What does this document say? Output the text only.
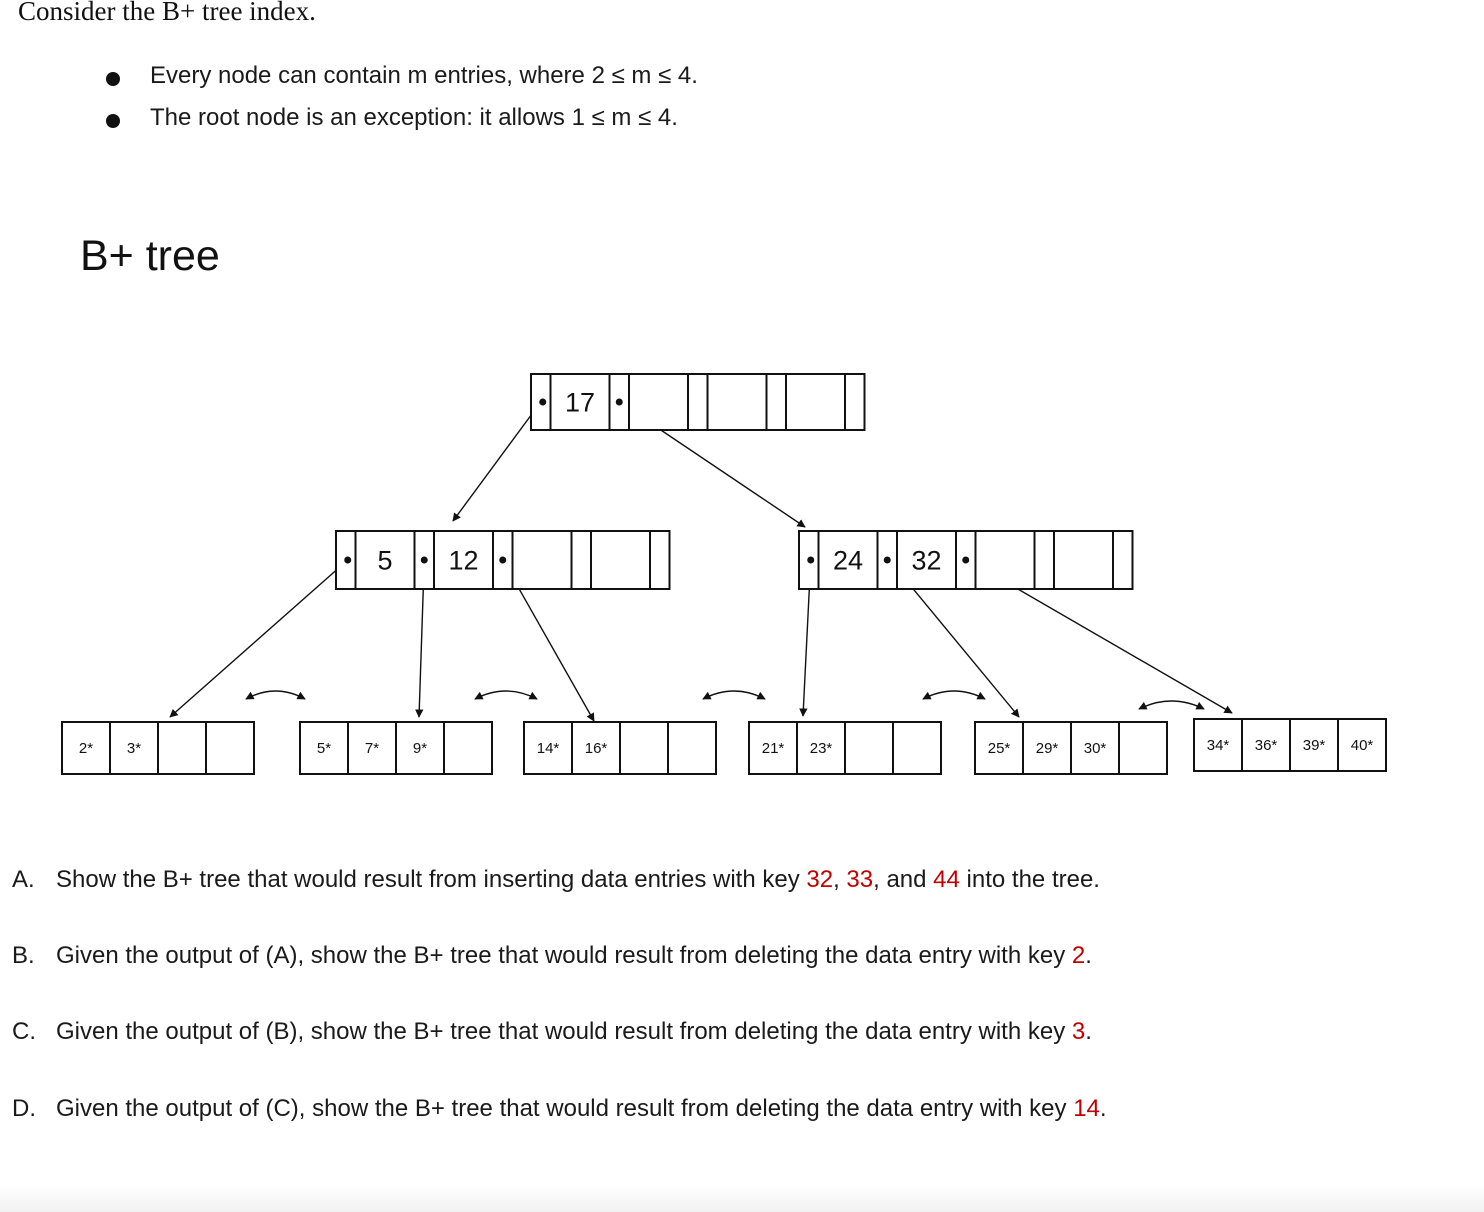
Consider the B+ tree index.
Every node can contain m entries, where 2 ≤ m ≤ 4.
The root node is an exception: it allows 1 ≤ m ≤ 4.
B+ tree
17
5 12	24 32
2* 3*	5* 7* 9*	14* 16*	21* 23*	25* 29* 30*	34* 36* 39* 40*
A. Show the B+ tree that would result from inserting data entries with key 32, 33, and 44 into the tree.
B. Given the output of (A), show the B+ tree that would result from deleting the data entry with key 2.
C. Given the output of (B), show the B+ tree that would result from deleting the data entry with key 3.
D. Given the output of (C), show the B+ tree that would result from deleting the data entry with key 14.
